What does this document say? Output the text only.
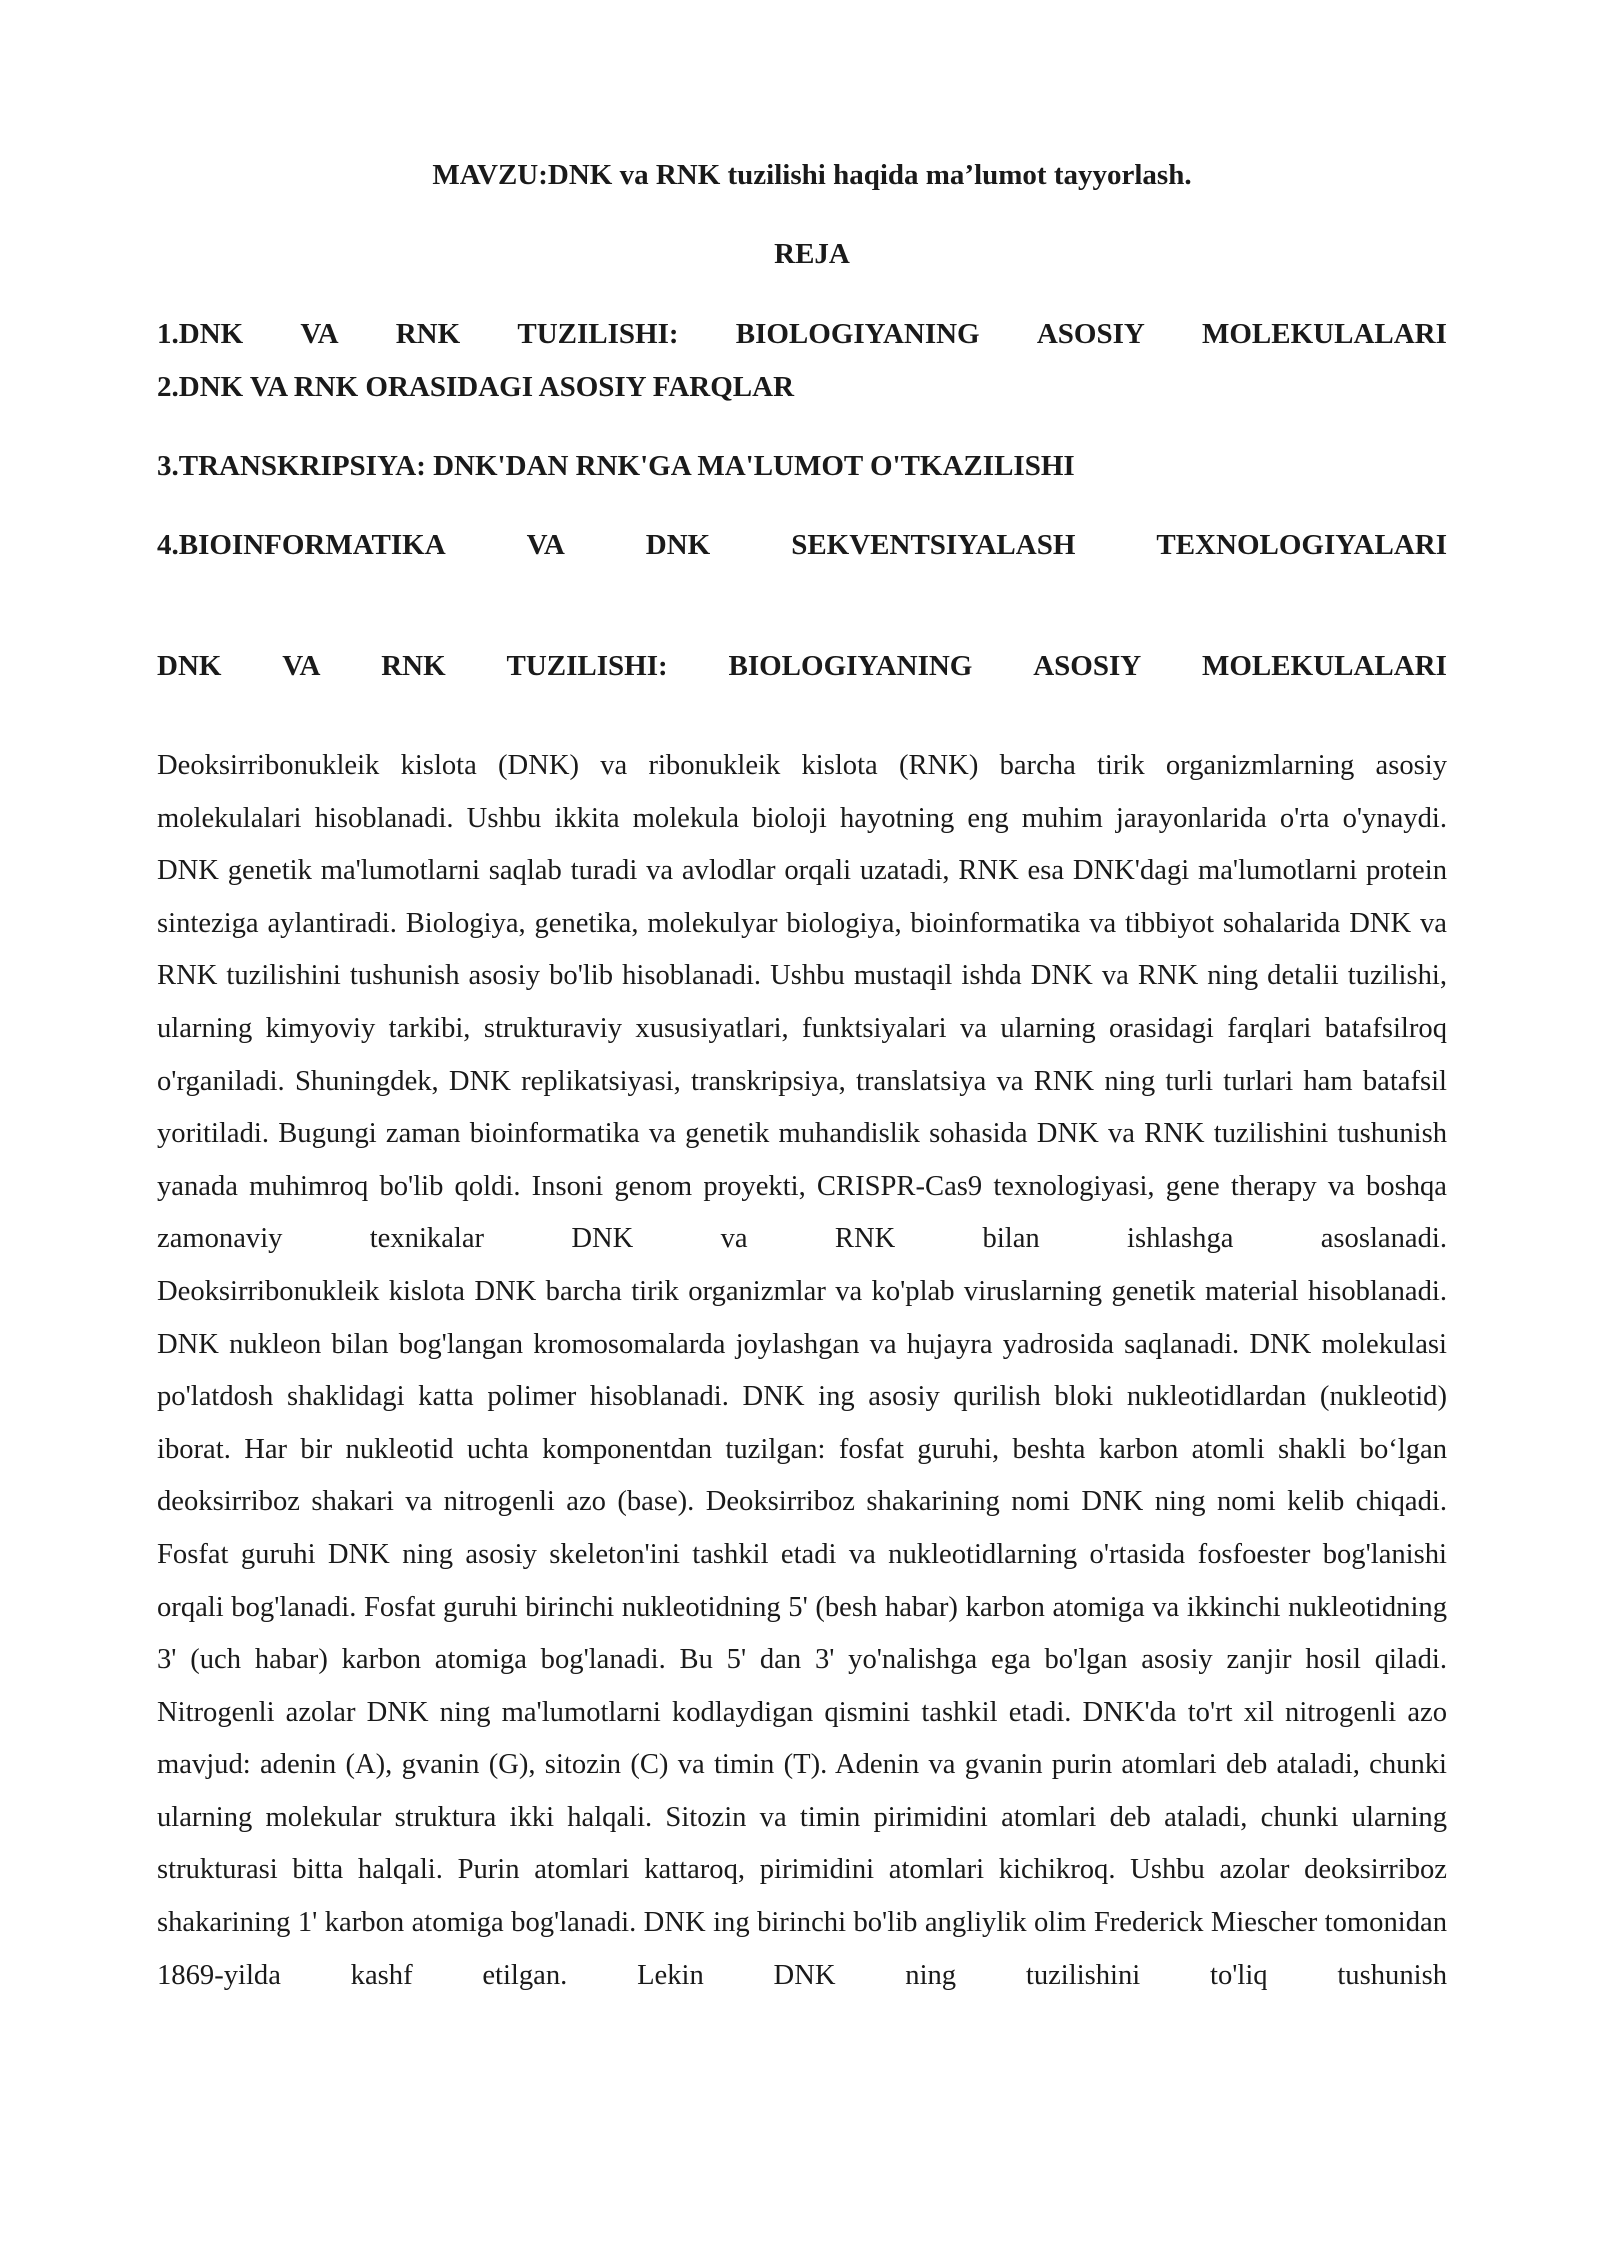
MAVZU:DNK va RNK tuzilishi haqida ma’lumot tayyorlash.
REJA
1.DNK VA RNK TUZILISHI: BIOLOGIYANING ASOSIY MOLEKULALARI
2.DNK VA RNK ORASIDAGI ASOSIY FARQLAR
3.TRANSKRIPSIYA: DNK'DAN RNK'GA MA'LUMOT O'TKAZILISHI
4.BIOINFORMATIKA	VA	DNK	SEKVENTSIYALASH	TEXNOLOGIYALARI
DNK VA RNK TUZILISHI: BIOLOGIYANING ASOSIY MOLEKULALARI

Deoksirribonukleik kislota (DNK) va ribonukleik kislota (RNK) barcha tirik organizmlarning asosiy molekulalari hisoblanadi. Ushbu ikkita molekula bioloji hayotning eng muhim jarayonlarida o'rta o'ynaydi. DNK genetik ma'lumotlarni saqlab turadi va avlodlar orqali uzatadi, RNK esa DNK'dagi ma'lumotlarni protein sinteziga aylantiradi. Biologiya, genetika, molekulyar biologiya, bioinformatika va tibbiyot sohalarida DNK va RNK tuzilishini tushunish asosiy bo'lib hisoblanadi. Ushbu mustaqil ishda DNK va RNK ning detalii tuzilishi, ularning kimyoviy tarkibi, strukturaviy xususiyatlari, funktsiyalari va ularning orasidagi farqlari batafsilroq o'rganiladi. Shuningdek, DNK replikatsiyasi, transkripsiya, translatsiya va RNK ning turli turlari ham batafsil yoritiladi. Bugungi zaman bioinformatika va genetik muhandislik sohasida DNK va RNK tuzilishini tushunish yanada muhimroq bo'lib qoldi. Insoni genom proyekti, CRISPR-Cas9 texnologiyasi, gene therapy va boshqa zamonaviy texnikalar DNK va RNK bilan ishlashga asoslanadi.

Deoksirribonukleik kislota DNK barcha tirik organizmlar va ko'plab viruslarning genetik material hisoblanadi. DNK nukleon bilan bog'langan kromosomalarda joylashgan va hujayra yadrosida saqlanadi. DNK molekulasi po'latdosh shaklidagi katta polimer hisoblanadi. DNK ing asosiy qurilish bloki nukleotidlardan (nukleotid) iborat. Har bir nukleotid uchta komponentdan tuzilgan: fosfat guruhi, beshta karbon atomli shakli bo‘lgan deoksirriboz shakari va nitrogenli azo (base). Deoksirriboz shakarining nomi DNK ning nomi kelib chiqadi. Fosfat guruhi DNK ning asosiy skeleton'ini tashkil etadi va nukleotidlarning o'rtasida fosfoester bog'lanishi orqali bog'lanadi. Fosfat guruhi birinchi nukleotidning 5' (besh habar) karbon atomiga va ikkinchi nukleotidning 3' (uch habar) karbon atomiga bog'lanadi. Bu 5' dan 3' yo'nalishga ega bo'lgan asosiy zanjir hosil qiladi.

Nitrogenli azolar DNK ning ma'lumotlarni kodlaydigan qismini tashkil etadi. DNK'da to'rt xil nitrogenli azo mavjud: adenin (A), gvanin (G), sitozin (C) va timin (T). Adenin va gvanin purin atomlari deb ataladi, chunki ularning molekular struktura ikki halqali. Sitozin va timin pirimidini atomlari deb ataladi, chunki ularning strukturasi bitta halqali. Purin atomlari kattaroq, pirimidini atomlari kichikroq. Ushbu azolar deoksirriboz shakarining 1' karbon atomiga bog'lanadi. DNK ing birinchi bo'lib angliylik olim Frederick Miescher tomonidan 1869-yilda kashf etilgan. Lekin DNK ning tuzilishini to'liq tushunish
